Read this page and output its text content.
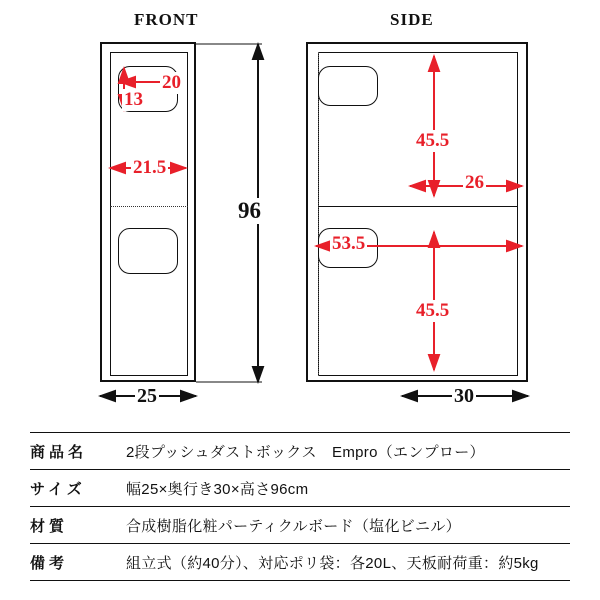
FRONT	SIDE
20
13
21.5
96
25	30
45.5
26
53.5
45.5
商品名	2段プッシュダストボックス　Empro（エンプロー）
サイズ	幅25×奥行き30×高さ96cm
材質	合成樹脂化粧パーティクルボード（塩化ビニル）
備考	組立式（約40分）、対応ポリ袋：各20L、天板耐荷重：約5kg
